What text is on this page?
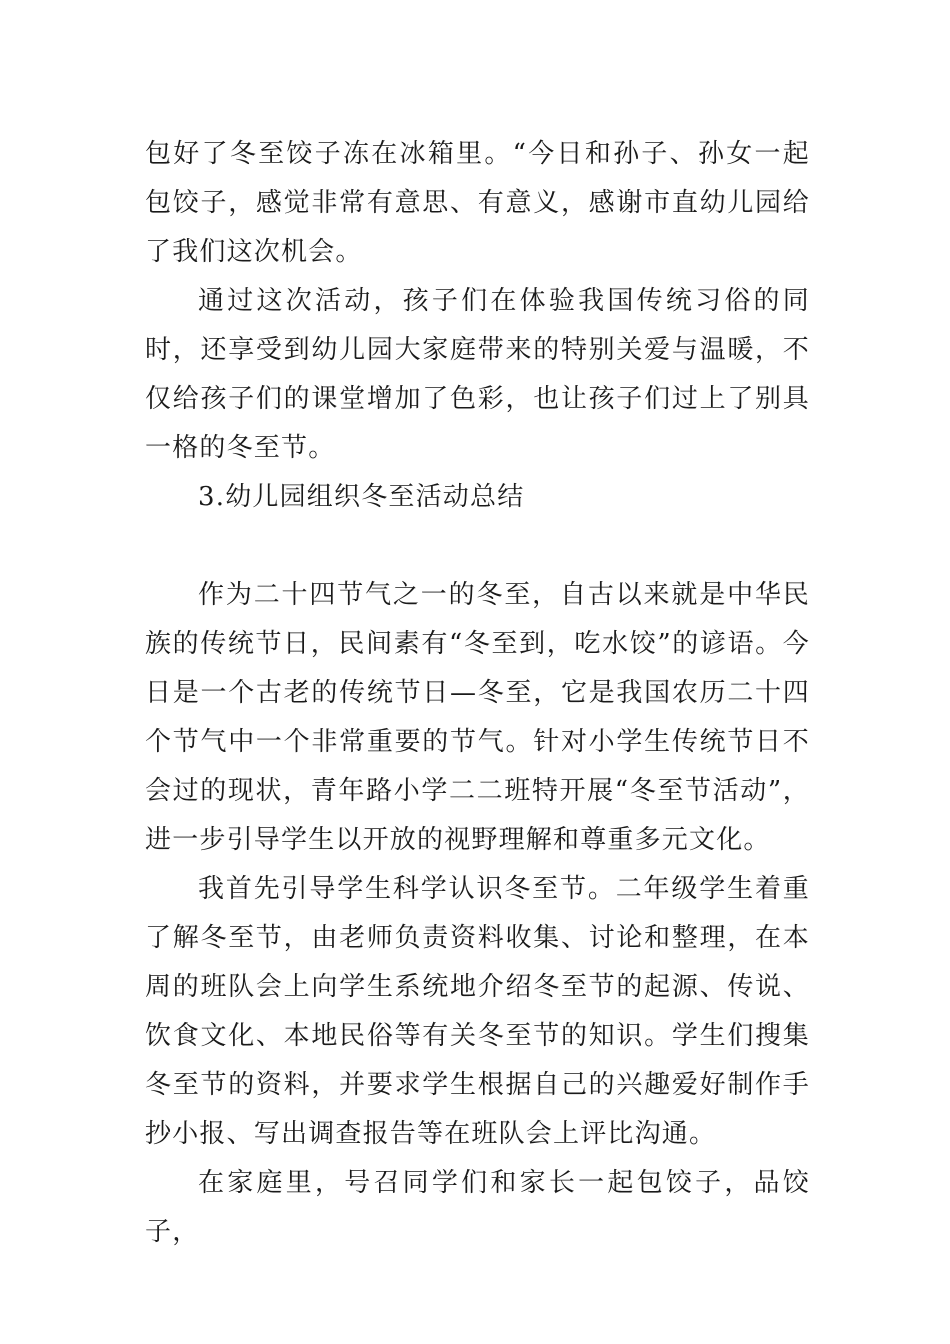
包好了冬至饺子冻在冰箱里。“今日和孙子、孙女一起包饺子，感觉非常有意思、有意义，感谢市直幼儿园给了我们这次机会。

通过这次活动，孩子们在体验我国传统习俗的同时，还享受到幼儿园大家庭带来的特别关爱与温暖，不仅给孩子们的课堂增加了色彩，也让孩子们过上了别具一格的冬至节。

3.幼儿园组织冬至活动总结

作为二十四节气之一的冬至，自古以来就是中华民族的传统节日，民间素有“冬至到，吃水饺”的谚语。今日是一个古老的传统节日—冬至，它是我国农历二十四个节气中一个非常重要的节气。针对小学生传统节日不会过的现状，青年路小学二二班特开展“冬至节活动”，进一步引导学生以开放的视野理解和尊重多元文化。

我首先引导学生科学认识冬至节。二年级学生着重了解冬至节，由老师负责资料收集、讨论和整理，在本周的班队会上向学生系统地介绍冬至节的起源、传说、饮食文化、本地民俗等有关冬至节的知识。学生们搜集冬至节的资料，并要求学生根据自己的兴趣爱好制作手抄小报、写出调查报告等在班队会上评比沟通。

在家庭里，号召同学们和家长一起包饺子，品饺子，
